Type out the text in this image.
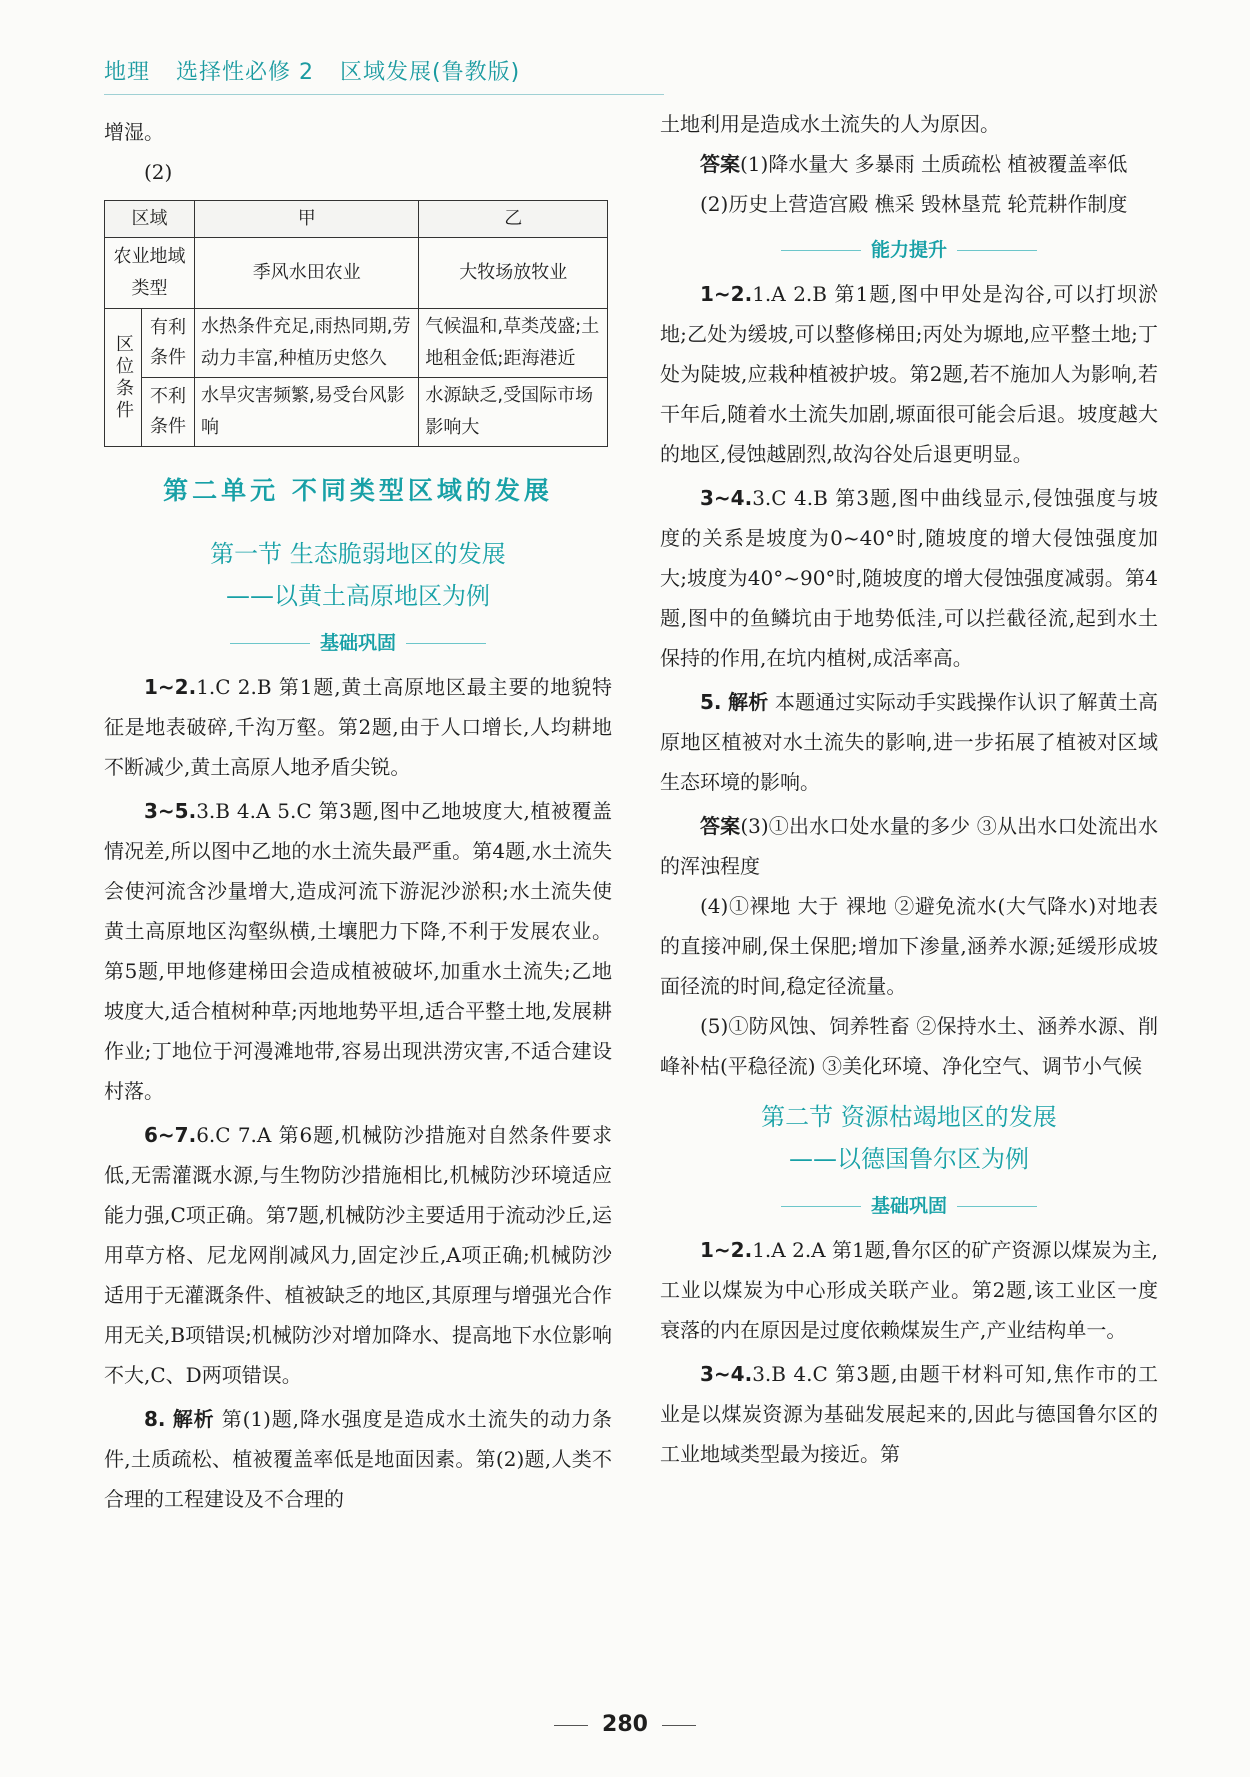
地理 选择性必修 2 区域发展(鲁教版)

增湿。

(2)

区域		甲	乙
农业地域类型		季风水田农业	大牧场放牧业
区位条件	有利条件	水热条件充足,雨热同期,劳动力丰富,种植历史悠久	气候温和,草类茂盛;土地租金低;距海港近
	不利条件	水旱灾害频繁,易受台风影响	水源缺乏,受国际市场影响大
第二单元 不同类型区域的发展
第一节 生态脆弱地区的发展
——以黄土高原地区为例
基础巩固

1~2.1.C 2.B 第1题,黄土高原地区最主要的地貌特征是地表破碎,千沟万壑。第2题,由于人口增长,人均耕地不断减少,黄土高原人地矛盾尖锐。

3~5.3.B 4.A 5.C 第3题,图中乙地坡度大,植被覆盖情况差,所以图中乙地的水土流失最严重。第4题,水土流失会使河流含沙量增大,造成河流下游泥沙淤积;水土流失使黄土高原地区沟壑纵横,土壤肥力下降,不利于发展农业。第5题,甲地修建梯田会造成植被破坏,加重水土流失;乙地坡度大,适合植树种草;丙地地势平坦,适合平整土地,发展耕作业;丁地位于河漫滩地带,容易出现洪涝灾害,不适合建设村落。

6~7.6.C 7.A 第6题,机械防沙措施对自然条件要求低,无需灌溉水源,与生物防沙措施相比,机械防沙环境适应能力强,C项正确。第7题,机械防沙主要适用于流动沙丘,运用草方格、尼龙网削减风力,固定沙丘,A项正确;机械防沙适用于无灌溉条件、植被缺乏的地区,其原理与增强光合作用无关,B项错误;机械防沙对增加降水、提高地下水位影响不大,C、D两项错误。

8. 解析 第(1)题,降水强度是造成水土流失的动力条件,土质疏松、植被覆盖率低是地面因素。第(2)题,人类不合理的工程建设及不合理的

土地利用是造成水土流失的人为原因。

答案(1)降水量大 多暴雨 土质疏松 植被覆盖率低

(2)历史上营造宫殿 樵采 毁林垦荒 轮荒耕作制度

能力提升

1~2.1.A 2.B 第1题,图中甲处是沟谷,可以打坝淤地;乙处为缓坡,可以整修梯田;丙处为塬地,应平整土地;丁处为陡坡,应栽种植被护坡。第2题,若不施加人为影响,若干年后,随着水土流失加剧,塬面很可能会后退。坡度越大的地区,侵蚀越剧烈,故沟谷处后退更明显。

3~4.3.C 4.B 第3题,图中曲线显示,侵蚀强度与坡度的关系是坡度为0~40°时,随坡度的增大侵蚀强度加大;坡度为40°~90°时,随坡度的增大侵蚀强度减弱。第4题,图中的鱼鳞坑由于地势低洼,可以拦截径流,起到水土保持的作用,在坑内植树,成活率高。

5. 解析 本题通过实际动手实践操作认识了解黄土高原地区植被对水土流失的影响,进一步拓展了植被对区域生态环境的影响。

答案(3)①出水口处水量的多少 ③从出水口处流出水的浑浊程度

(4)①裸地 大于 裸地 ②避免流水(大气降水)对地表的直接冲刷,保土保肥;增加下渗量,涵养水源;延缓形成坡面径流的时间,稳定径流量。

(5)①防风蚀、饲养牲畜 ②保持水土、涵养水源、削峰补枯(平稳径流) ③美化环境、净化空气、调节小气候

第二节 资源枯竭地区的发展
——以德国鲁尔区为例
基础巩固

1~2.1.A 2.A 第1题,鲁尔区的矿产资源以煤炭为主,工业以煤炭为中心形成关联产业。第2题,该工业区一度衰落的内在原因是过度依赖煤炭生产,产业结构单一。

3~4.3.B 4.C 第3题,由题干材料可知,焦作市的工业是以煤炭资源为基础发展起来的,因此与德国鲁尔区的工业地域类型最为接近。第

280
